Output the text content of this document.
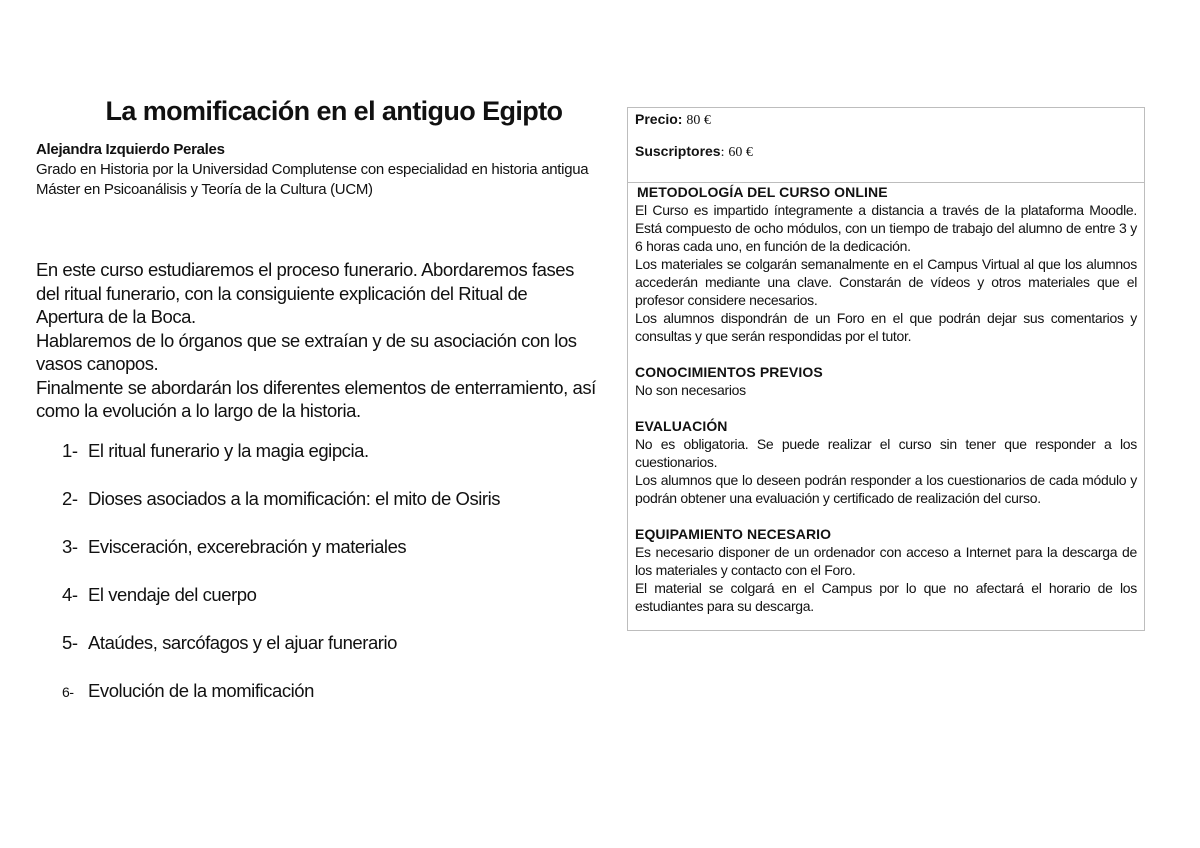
La momificación en el antiguo Egipto
Alejandra Izquierdo Perales
Grado en Historia por la Universidad Complutense con especialidad en historia antigua
Máster en Psicoanálisis y Teoría de la Cultura (UCM)

En este curso estudiaremos el proceso funerario. Abordaremos fases del ritual funerario, con la consiguiente explicación del Ritual de Apertura de la Boca.

Hablaremos de lo órganos que se extraían y de su asociación con los vasos canopos.

Finalmente se abordarán los diferentes elementos de enterramiento, así como la evolución a lo largo de la historia.

1- El ritual funerario y la magia egipcia.
2- Dioses asociados a la momificación: el mito de Osiris
3- Evisceración, excerebración y materiales
4- El vendaje del cuerpo
5- Ataúdes, sarcófagos y el ajuar funerario
6- Evolución de la momificación
Precio: 80 €
Suscriptores: 60 €
METODOLOGÍA DEL CURSO ONLINE

El Curso es impartido íntegramente a distancia a través de la plataforma Moodle. Está compuesto de ocho módulos, con un tiempo de trabajo del alumno de entre 3 y 6 horas cada uno, en función de la dedicación.

Los materiales se colgarán semanalmente en el Campus Virtual al que los alumnos accederán mediante una clave. Constarán de vídeos y otros materiales que el profesor considere necesarios.

Los alumnos dispondrán de un Foro en el que podrán dejar sus comentarios y consultas y que serán respondidas por el tutor.

CONOCIMIENTOS PREVIOS

No son necesarios

EVALUACIÓN

No es obligatoria. Se puede realizar el curso sin tener que responder a los cuestionarios.

Los alumnos que lo deseen podrán responder a los cuestionarios de cada módulo y podrán obtener una evaluación y certificado de realización del curso.

EQUIPAMIENTO NECESARIO

Es necesario disponer de un ordenador con acceso a Internet para la descarga de los materiales y contacto con el Foro.

El material se colgará en el Campus por lo que no afectará el horario de los estudiantes para su descarga.
